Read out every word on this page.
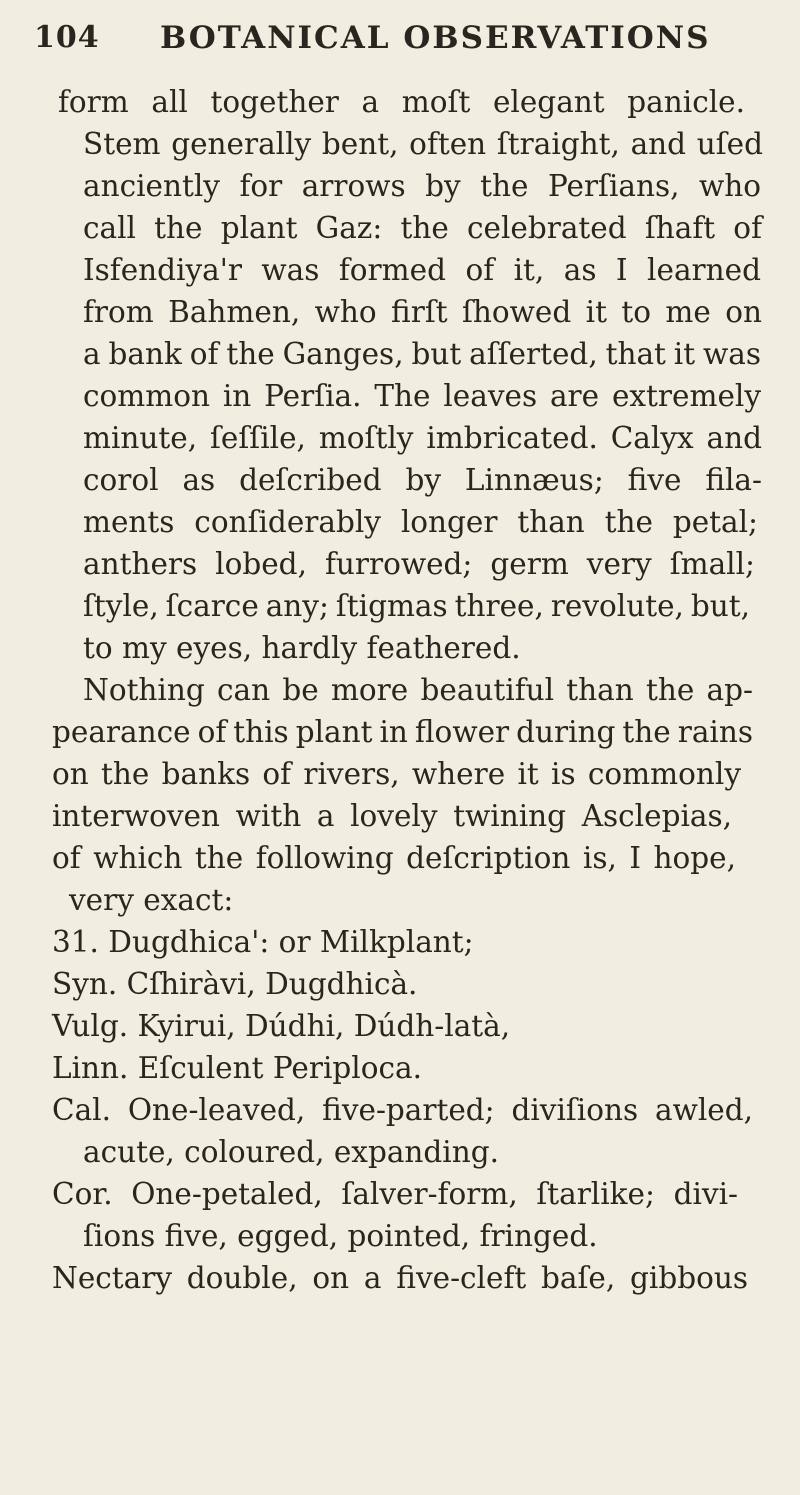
104 BOTANICAL OBSERVATIONS
form all together a moſt elegant panicle.
Stem generally bent, often ſtraight, and uſed
anciently for arrows by the Perſians, who
call the plant Gaz: the celebrated ſhaft of
Isfendiya'r was formed of it, as I learned
from Bahmen, who firſt ſhowed it to me on
a bank of the Ganges, but aſſerted, that it was
common in Perſia. The leaves are extremely
minute, ſeſſile, moſtly imbricated. Calyx and
corol as deſcribed by Linnæus; five fila-
ments conſiderably longer than the petal;
anthers lobed, furrowed; germ very ſmall;
ſtyle, ſcarce any; ſtigmas three, revolute, but,
to my eyes, hardly feathered.
Nothing can be more beautiful than the ap-
pearance of this plant in flower during the rains
on the banks of rivers, where it is commonly
interwoven with a lovely twining Asclepias,
of which the following deſcription is, I hope,
very exact:
31. Dugdhica': or Milkplant;
Syn. Cſhiràvi, Dugdhicà.
Vulg. Kyirui, Dúdhi, Dúdh-latà,
Linn. Eſculent Periploca.
Cal. One-leaved, five-parted; diviſions awled,
acute, coloured, expanding.
Cor. One-petaled, ſalver-form, ſtarlike; divi-
ſions five, egged, pointed, fringed.
Nectary double, on a five-cleft baſe, gibbous
